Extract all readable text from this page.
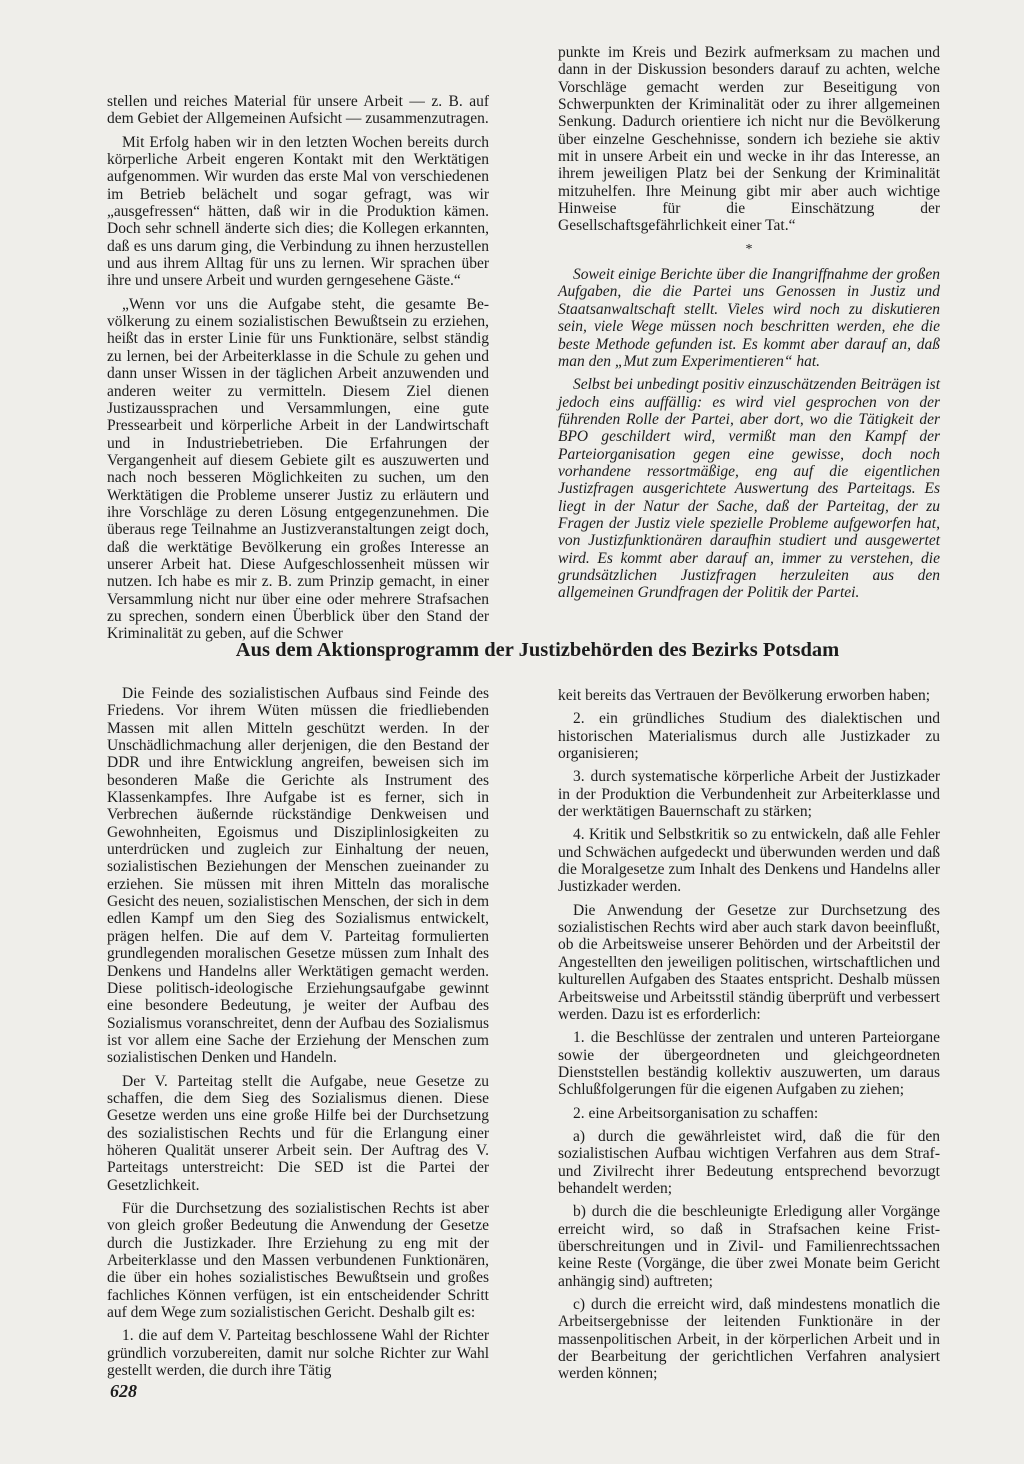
stellen und reiches Material für unsere Arbeit — z. B. auf dem Gebiet der Allgemeinen Aufsicht — zusammenzutragen.

Mit Erfolg haben wir in den letzten Wochen bereits durch körperliche Arbeit engeren Kontakt mit den Werktätigen aufgenommen. Wir wurden das erste Mal von verschiedenen im Betrieb belächelt und sogar gefragt, was wir „ausgefressen“ hätten, daß wir in die Produktion kämen. Doch sehr schnell änderte sich dies; die Kollegen erkannten, daß es uns darum ging, die Verbindung zu ihnen herzustellen und aus ihrem Alltag für uns zu lernen. Wir sprachen über ihre und unsere Arbeit und wurden gerngesehene Gäste.“

„Wenn vor uns die Aufgabe steht, die gesamte Bevölkerung zu einem sozialistischen Bewußtsein zu erziehen, heißt das in erster Linie für uns Funktionäre, selbst ständig zu lernen, bei der Arbeiterklasse in die Schule zu gehen und dann unser Wissen in der täglichen Arbeit anzuwenden und anderen weiter zu vermitteln. Diesem Ziel dienen Justizaussprachen und Versammlungen, eine gute Pressearbeit und körperliche Arbeit in der Landwirtschaft und in Industriebetrieben. Die Erfahrungen der Vergangenheit auf diesem Gebiete gilt es auszuwerten und nach noch besseren Möglichkeiten zu suchen, um den Werktätigen die Probleme unserer Justiz zu erläutern und ihre Vorschläge zu deren Lösung entgegenzunehmen. Die überaus rege Teilnahme an Justizveranstaltungen zeigt doch, daß die werktätige Bevölkerung ein großes Interesse an unserer Arbeit hat. Diese Aufgeschlossenheit müssen wir nutzen. Ich habe es mir z. B. zum Prinzip gemacht, in einer Versammlung nicht nur über eine oder mehrere Strafsachen zu sprechen, sondern einen Überblick über den Stand der Kriminalität zu geben, auf die Schwer

punkte im Kreis und Bezirk aufmerksam zu machen und dann in der Diskussion besonders darauf zu achten, welche Vorschläge gemacht werden zur Beseitigung von Schwerpunkten der Kriminalität oder zu ihrer allgemeinen Senkung. Dadurch orientiere ich nicht nur die Bevölkerung über einzelne Geschehnisse, sondern ich beziehe sie aktiv mit in unsere Arbeit ein und wecke in ihr das Interesse, an ihrem jeweiligen Platz bei der Senkung der Kriminalität mitzuhelfen. Ihre Meinung gibt mir aber auch wichtige Hinweise für die Einschätzung der Gesellschaftsgefährlichkeit einer Tat.“

*

Soweit einige Berichte über die Inangriffnahme der großen Aufgaben, die die Partei uns Genossen in Justiz und Staatsanwaltschaft stellt. Vieles wird noch zu diskutieren sein, viele Wege müssen noch beschritten werden, ehe die beste Methode gefunden ist. Es kommt aber darauf an, daß man den „Mut zum Experimentieren“ hat.

Selbst bei unbedingt positiv einzuschätzenden Beiträgen ist jedoch eins auffällig: es wird viel gesprochen von der führenden Rolle der Partei, aber dort, wo die Tätigkeit der BPO geschildert wird, vermißt man den Kampf der Parteiorganisation gegen eine gewisse, doch noch vorhandene ressortmäßige, eng auf die eigentlichen Justizfragen ausgerichtete Auswertung des Parteitags. Es liegt in der Natur der Sache, daß der Parteitag, der zu Fragen der Justiz viele spezielle Probleme aufgeworfen hat, von Justizfunktionären daraufhin studiert und ausgewertet wird. Es kommt aber darauf an, immer zu verstehen, die grundsätzlichen Justizfragen herzuleiten aus den allgemeinen Grundfragen der Politik der Partei.

Aus dem Aktionsprogramm der Justizbehörden des Bezirks Potsdam

Die Feinde des sozialistischen Aufbaus sind Feinde des Friedens. Vor ihrem Wüten müssen die friedliebenden Massen mit allen Mitteln geschützt werden. In der Unschädlichmachung aller derjenigen, die den Bestand der DDR und ihre Entwicklung angreifen, beweisen sich im besonderen Maße die Gerichte als Instrument des Klassenkampfes. Ihre Aufgabe ist es ferner, sich in Verbrechen äußernde rückständige Denkweisen und Gewohnheiten, Egoismus und Disziplinlosigkeiten zu unterdrücken und zugleich zur Einhaltung der neuen, sozialistischen Beziehungen der Menschen zueinander zu erziehen. Sie müssen mit ihren Mitteln das moralische Gesicht des neuen, sozialistischen Menschen, der sich in dem edlen Kampf um den Sieg des Sozialismus entwickelt, prägen helfen. Die auf dem V. Parteitag formulierten grundlegenden moralischen Gesetze müssen zum Inhalt des Denkens und Handelns aller Werktätigen gemacht werden. Diese politisch-ideologische Erziehungsaufgabe gewinnt eine besondere Bedeutung, je weiter der Aufbau des Sozialismus voranschreitet, denn der Aufbau des Sozialismus ist vor allem eine Sache der Erziehung der Menschen zum sozialistischen Denken und Handeln.

Der V. Parteitag stellt die Aufgabe, neue Gesetze zu schaffen, die dem Sieg des Sozialismus dienen. Diese Gesetze werden uns eine große Hilfe bei der Durchsetzung des sozialistischen Rechts und für die Erlangung einer höheren Qualität unserer Arbeit sein. Der Auftrag des V. Parteitags unterstreicht: Die SED ist die Partei der Gesetzlichkeit.

Für die Durchsetzung des sozialistischen Rechts ist aber von gleich großer Bedeutung die Anwendung der Gesetze durch die Justizkader. Ihre Erziehung zu eng mit der Arbeiterklasse und den Massen verbundenen Funktionären, die über ein hohes sozialistisches Bewußtsein und großes fachliches Können verfügen, ist ein entscheidender Schritt auf dem Wege zum sozialistischen Gericht. Deshalb gilt es:

1. die auf dem V. Parteitag beschlossene Wahl der Richter gründlich vorzubereiten, damit nur solche Richter zur Wahl gestellt werden, die durch ihre Tätig

keit bereits das Vertrauen der Bevölkerung erworben haben;

2. ein gründliches Studium des dialektischen und historischen Materialismus durch alle Justizkader zu organisieren;

3. durch systematische körperliche Arbeit der Justizkader in der Produktion die Verbundenheit zur Arbeiterklasse und der werktätigen Bauernschaft zu stärken;

4. Kritik und Selbstkritik so zu entwickeln, daß alle Fehler und Schwächen aufgedeckt und überwunden werden und daß die Moralgesetze zum Inhalt des Denkens und Handelns aller Justizkader werden.

Die Anwendung der Gesetze zur Durchsetzung des sozialistischen Rechts wird aber auch stark davon beeinflußt, ob die Arbeitsweise unserer Behörden und der Arbeitstil der Angestellten den jeweiligen politischen, wirtschaftlichen und kulturellen Aufgaben des Staates entspricht. Deshalb müssen Arbeitsweise und Arbeitsstil ständig überprüft und verbessert werden. Dazu ist es erforderlich:

1. die Beschlüsse der zentralen und unteren Parteiorgane sowie der übergeordneten und gleichgeordneten Dienststellen beständig kollektiv auszuwerten, um daraus Schlußfolgerungen für die eigenen Aufgaben zu ziehen;

2. eine Arbeitsorganisation zu schaffen:

a) durch die gewährleistet wird, daß die für den sozialistischen Aufbau wichtigen Verfahren aus dem Straf- und Zivilrecht ihrer Bedeutung entsprechend bevorzugt behandelt werden;

b) durch die die beschleunigte Erledigung aller Vorgänge erreicht wird, so daß in Strafsachen keine Fristüberschreitungen und in Zivil- und Familienrechtssachen keine Reste (Vorgänge, die über zwei Monate beim Gericht anhängig sind) auftreten;

c) durch die erreicht wird, daß mindestens monatlich die Arbeitsergebnisse der leitenden Funktionäre in der massenpolitischen Arbeit, in der körperlichen Arbeit und in der Bearbeitung der gerichtlichen Verfahren analysiert werden können;

628
